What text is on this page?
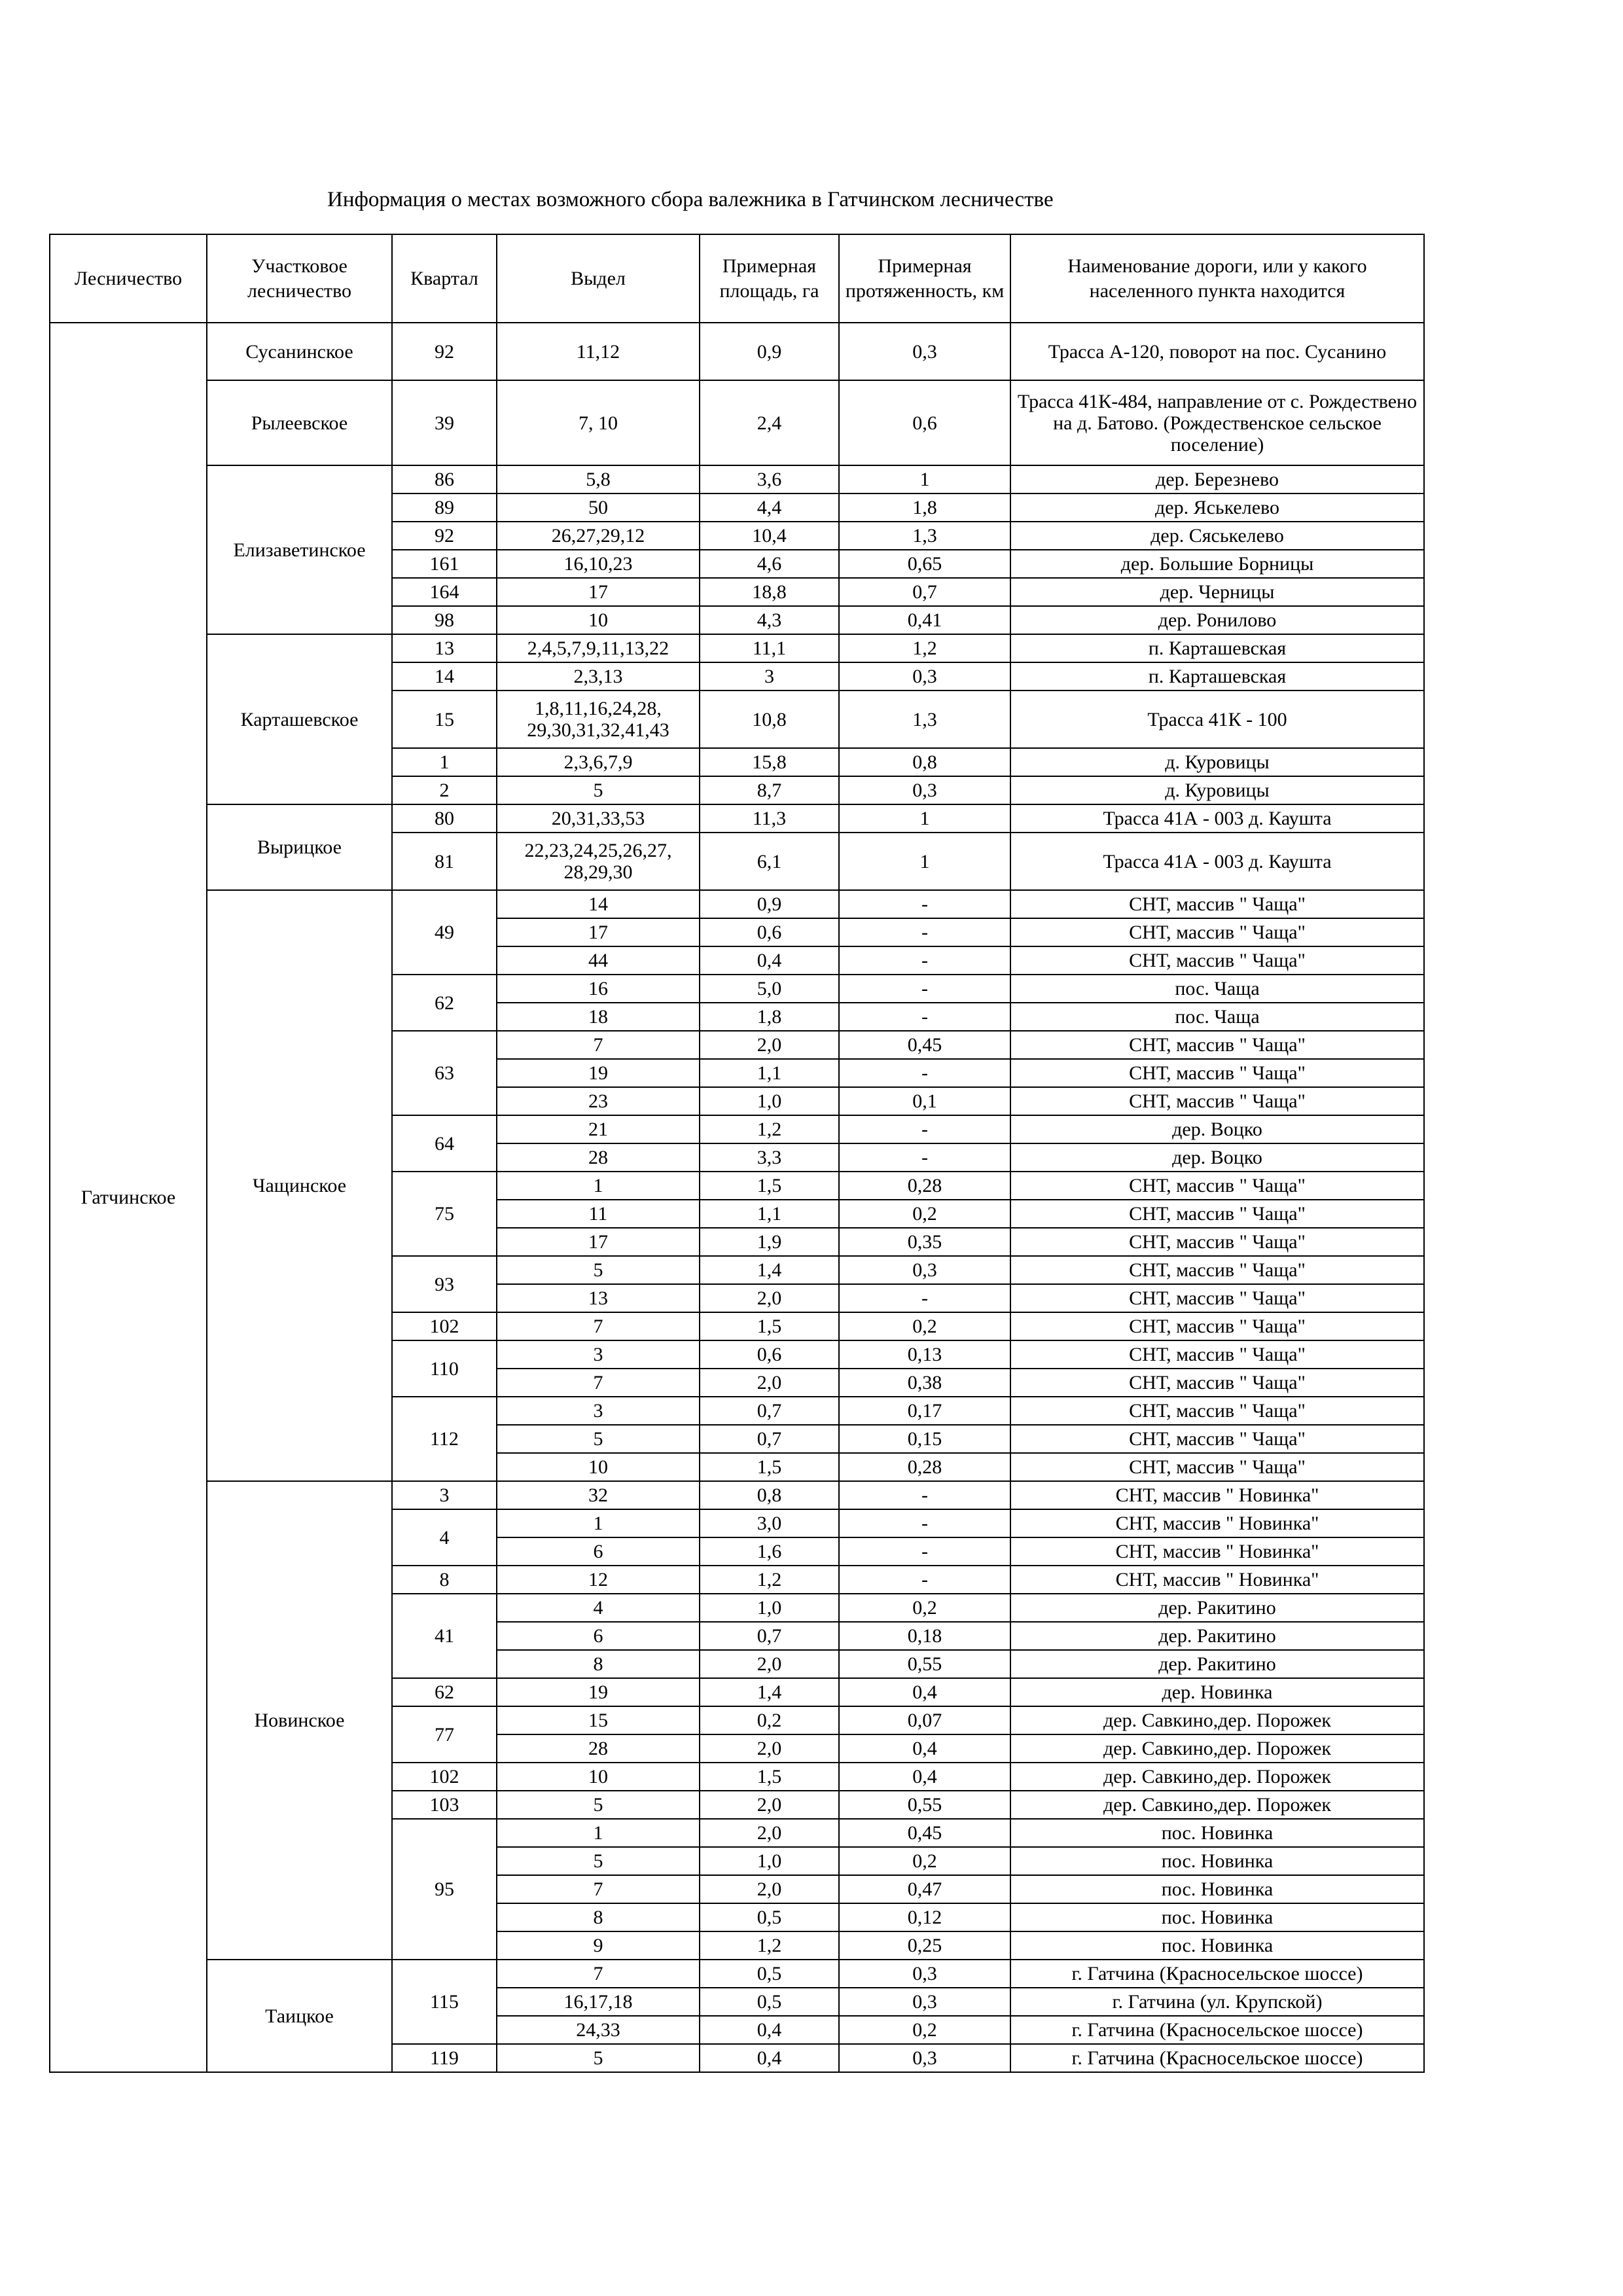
Информация о местах возможного сбора валежника в Гатчинском лесничестве
Лесничество	Участковое лесничество	Квартал	Выдел	Примерная площадь, га	Примерная протяженность, км	Наименование дороги, или у какого населенного пункта находится
Гатчинское	Сусанинское	92	11,12	0,9	0,3	Трасса А-120, поворот на пос. Сусанино
	Рылеевское	39	7, 10	2,4	0,6	Трасса 41К-484, направление от с. Рождествено на д. Батово. (Рождественское сельское поселение)
	Елизаветинское	86	5,8	3,6	1	дер. Березнево
		89	50	4,4	1,8	дер. Яськелево
		92	26,27,29,12	10,4	1,3	дер. Сяськелево
		161	16,10,23	4,6	0,65	дер. Большие Борницы
		164	17	18,8	0,7	дер. Черницы
		98	10	4,3	0,41	дер. Ронилово
	Карташевское	13	2,4,5,7,9,11,13,22	11,1	1,2	п. Карташевская
		14	2,3,13	3	0,3	п. Карташевская
		15	1,8,11,16,24,28, 29,30,31,32,41,43	10,8	1,3	Трасса 41К - 100
		1	2,3,6,7,9	15,8	0,8	д. Куровицы
		2	5	8,7	0,3	д. Куровицы
	Вырицкое	80	20,31,33,53	11,3	1	Трасса 41А - 003 д. Каушта
		81	22,23,24,25,26,27, 28,29,30	6,1	1	Трасса 41А - 003 д. Каушта
	Чащинское	49	14	0,9	-	СНТ, массив " Чаща"
			17	0,6	-	СНТ, массив " Чаща"
			44	0,4	-	СНТ, массив " Чаща"
		62	16	5,0	-	пос. Чаща
			18	1,8	-	пос. Чаща
		63	7	2,0	0,45	СНТ, массив " Чаща"
			19	1,1	-	СНТ, массив " Чаща"
			23	1,0	0,1	СНТ, массив " Чаща"
		64	21	1,2	-	дер. Воцко
			28	3,3	-	дер. Воцко
		75	1	1,5	0,28	СНТ, массив " Чаща"
			11	1,1	0,2	СНТ, массив " Чаща"
			17	1,9	0,35	СНТ, массив " Чаща"
		93	5	1,4	0,3	СНТ, массив " Чаща"
			13	2,0	-	СНТ, массив " Чаща"
		102	7	1,5	0,2	СНТ, массив " Чаща"
		110	3	0,6	0,13	СНТ, массив " Чаща"
			7	2,0	0,38	СНТ, массив " Чаща"
		112	3	0,7	0,17	СНТ, массив " Чаща"
			5	0,7	0,15	СНТ, массив " Чаща"
			10	1,5	0,28	СНТ, массив " Чаща"
	Новинское	3	32	0,8	-	СНТ, массив " Новинка"
		4	1	3,0	-	СНТ, массив " Новинка"
			6	1,6	-	СНТ, массив " Новинка"
		8	12	1,2	-	СНТ, массив " Новинка"
		41	4	1,0	0,2	дер. Ракитино
			6	0,7	0,18	дер. Ракитино
			8	2,0	0,55	дер. Ракитино
		62	19	1,4	0,4	дер. Новинка
		77	15	0,2	0,07	дер. Савкино,дер. Порожек
			28	2,0	0,4	дер. Савкино,дер. Порожек
		102	10	1,5	0,4	дер. Савкино,дер. Порожек
		103	5	2,0	0,55	дер. Савкино,дер. Порожек
		95	1	2,0	0,45	пос. Новинка
			5	1,0	0,2	пос. Новинка
			7	2,0	0,47	пос. Новинка
			8	0,5	0,12	пос. Новинка
			9	1,2	0,25	пос. Новинка
	Таицкое	115	7	0,5	0,3	г. Гатчина (Красносельское шоссе)
			16,17,18	0,5	0,3	г. Гатчина (ул. Крупской)
			24,33	0,4	0,2	г. Гатчина (Красносельское шоссе)
		119	5	0,4	0,3	г. Гатчина (Красносельское шоссе)
